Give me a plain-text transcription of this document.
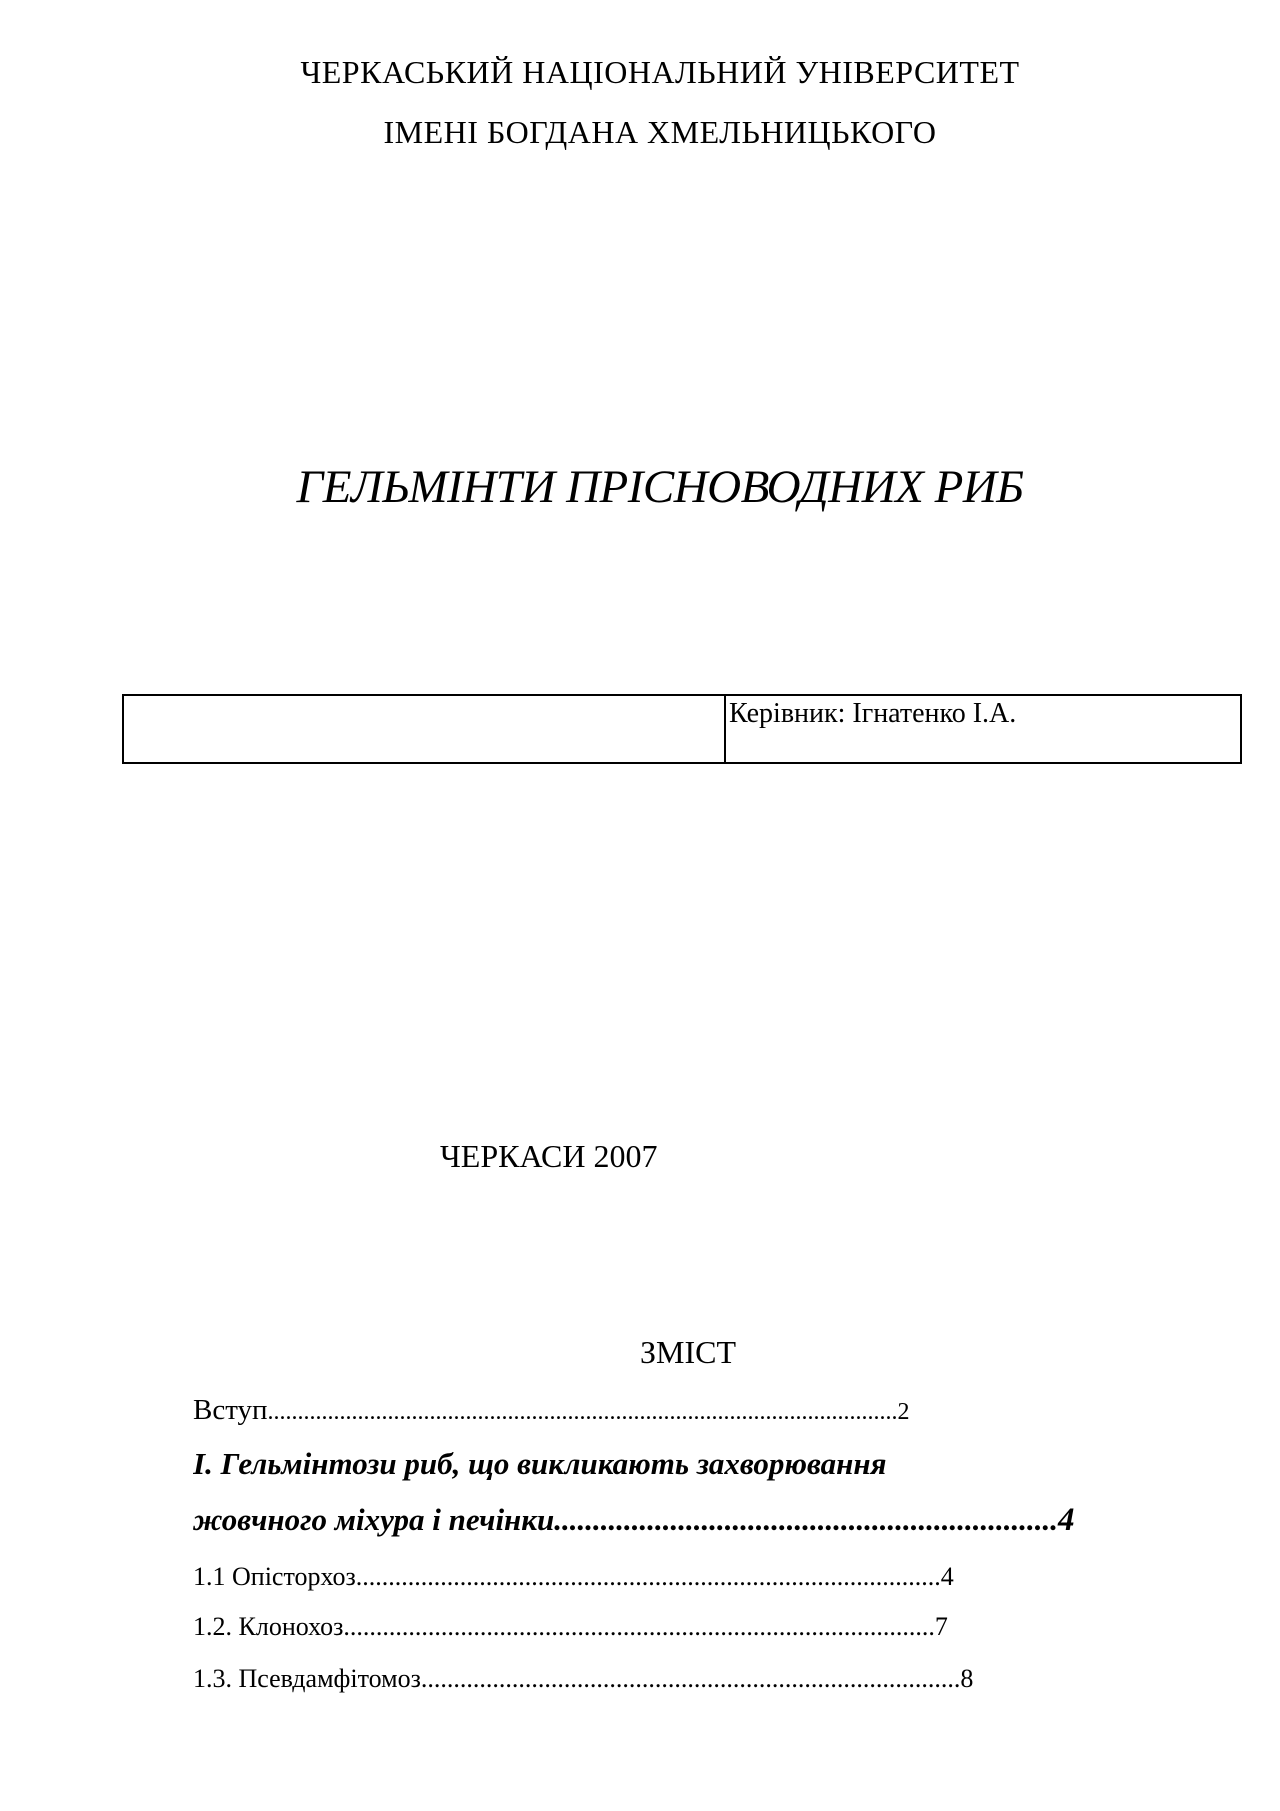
ЧЕРКАСЬКИЙ НАЦІОНАЛЬНИЙ УНІВЕРСИТЕТ
ІМЕНІ БОГДАНА ХМЕЛЬНИЦЬКОГО
ГЕЛЬМІНТИ ПРІСНОВОДНИХ РИБ
	Керівник: Ігнатенко І.А.
ЧЕРКАСИ 2007
ЗМІСТ
Вступ.........................................................................................................2
І. Гельмінтози риб, що викликають захворювання
жовчного міхура і печінки.................................................................4
1.1 Опісторхоз..........................................................................................4
1.2. Клонохоз...........................................................................................7
1.3. Псевдамфітомоз...................................................................................8
